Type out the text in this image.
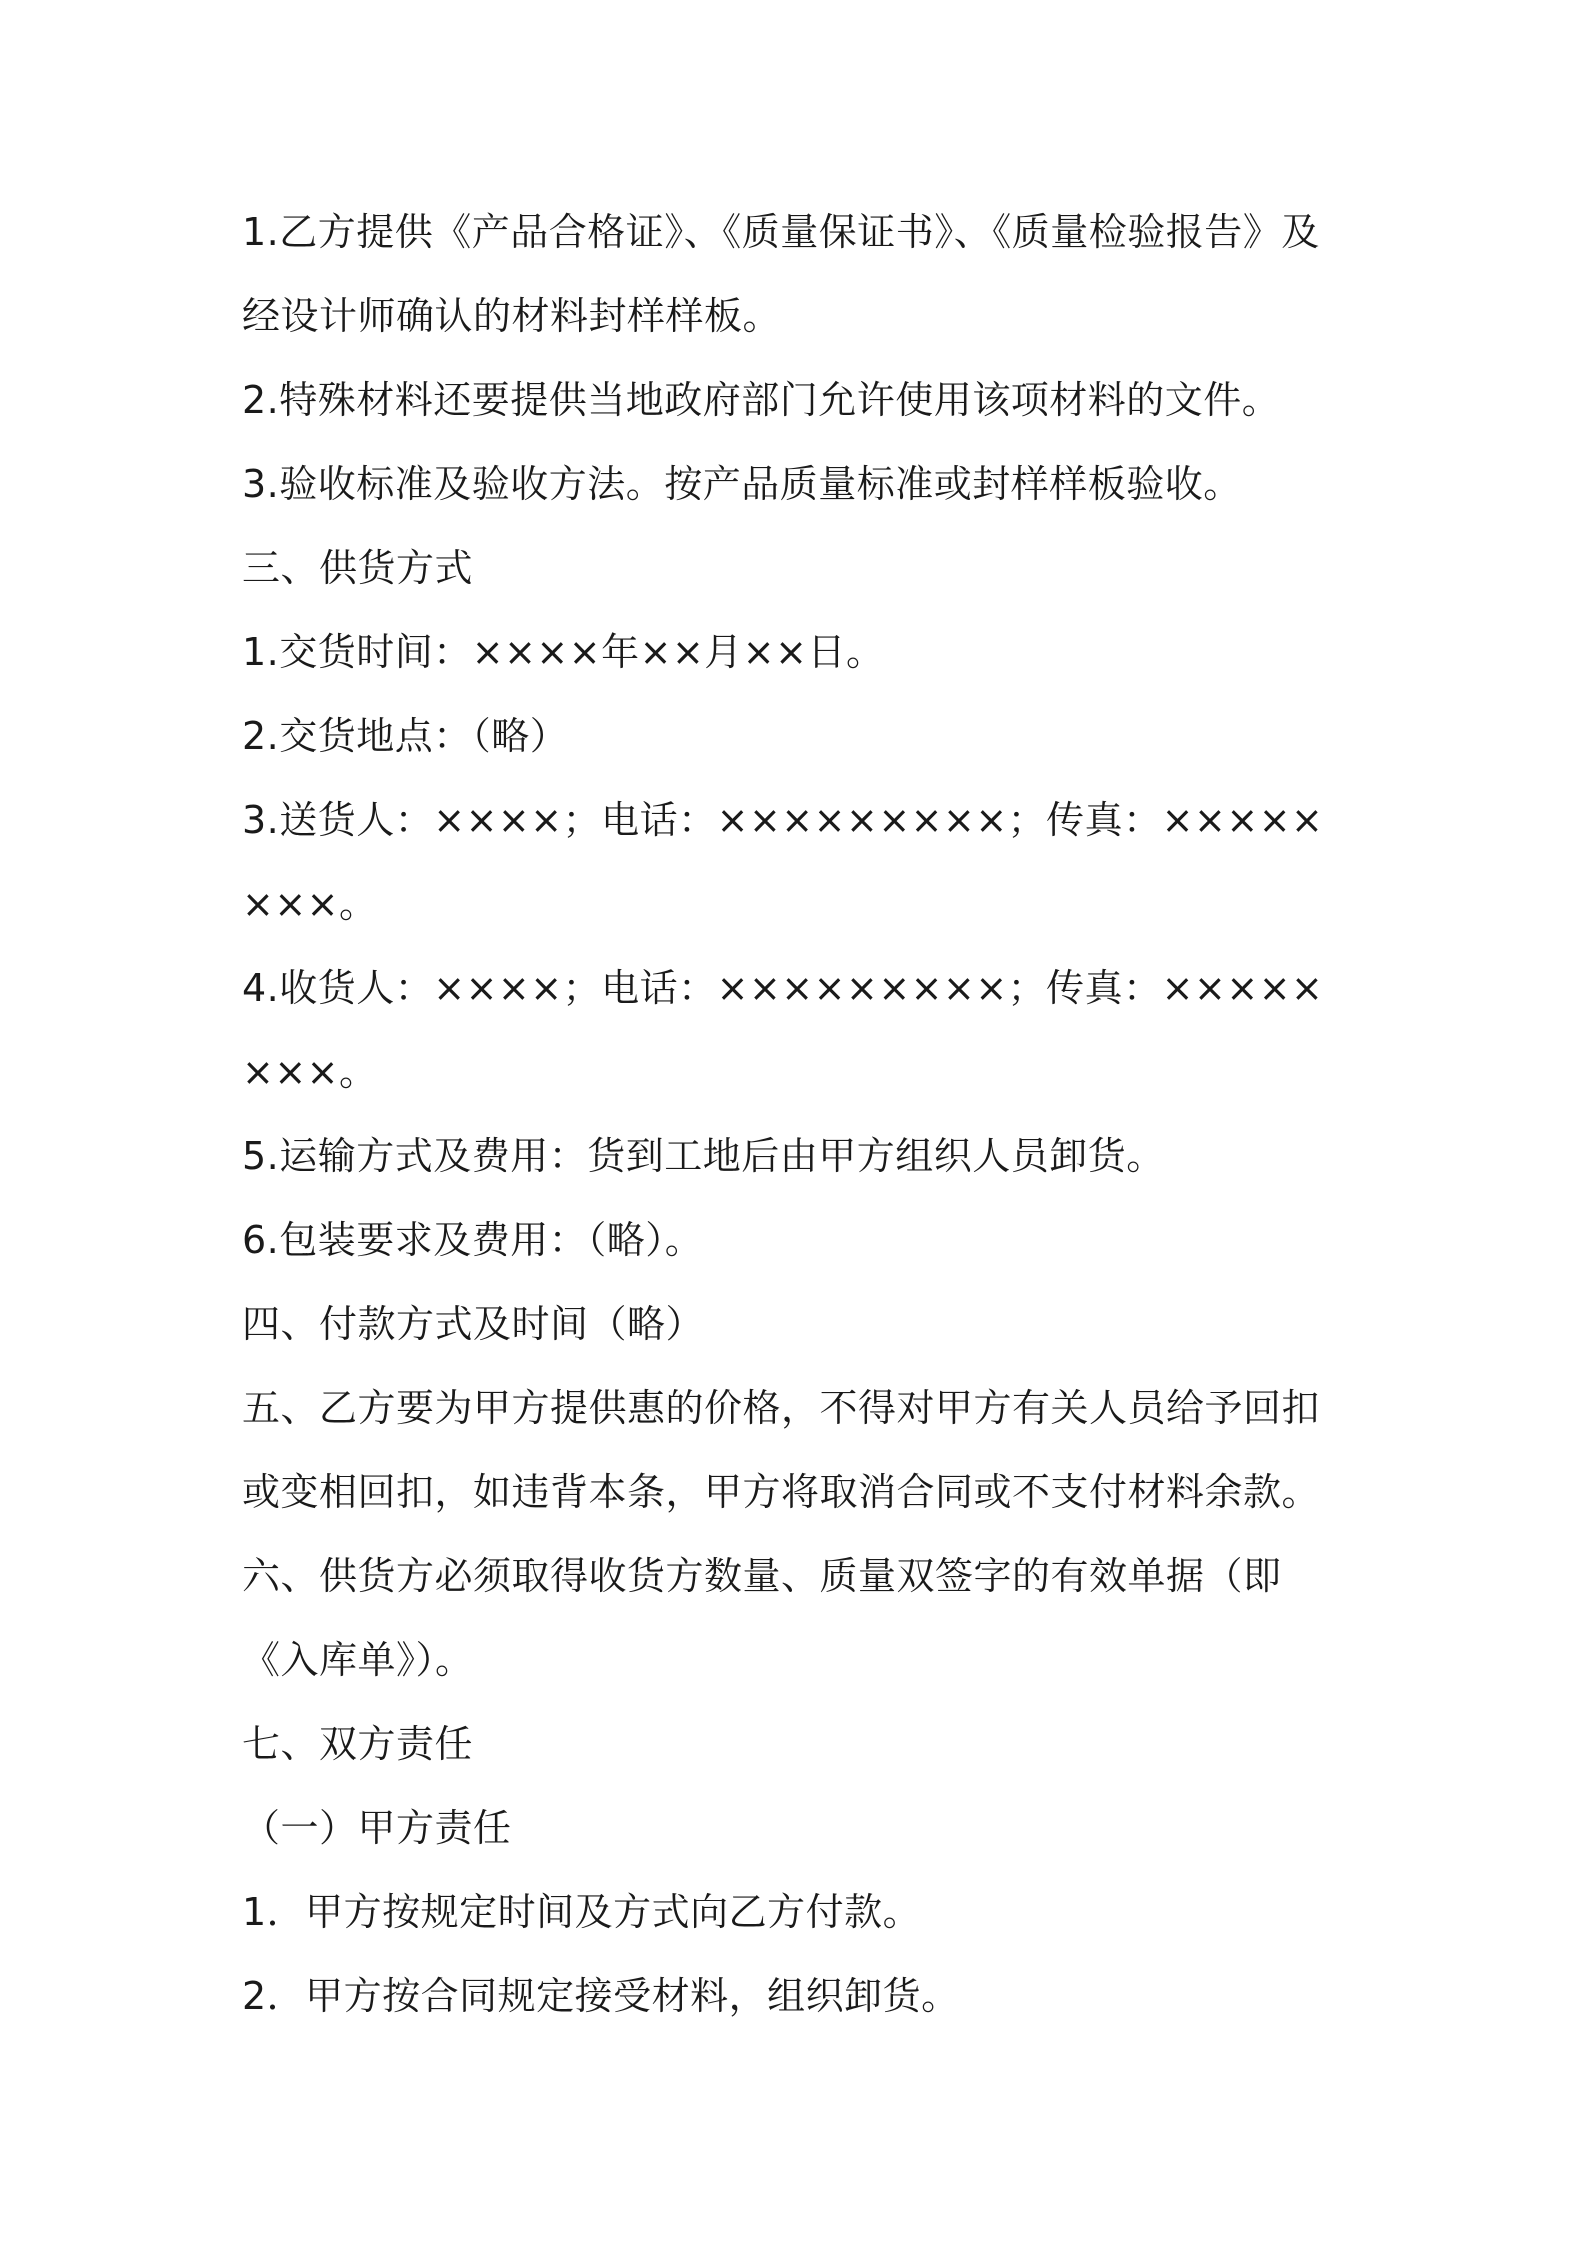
1.乙方提供《产品合格证》、《质量保证书》、《质量检验报告》及经设计师确认的材料封样样板。

2.特殊材料还要提供当地政府部门允许使用该项材料的文件。

3.验收标准及验收方法。按产品质量标准或封样样板验收。

三、供货方式

1.交货时间：××××年××月××日。

2.交货地点：（略）

3.送货人：××××；电话：×××××××××；传真：××××××××。

4.收货人：××××；电话：×××××××××；传真：××××××××。

5.运输方式及费用：货到工地后由甲方组织人员卸货。

6.包装要求及费用：（略）。

四、付款方式及时间（略）

五、乙方要为甲方提供惠的价格，不得对甲方有关人员给予回扣或变相回扣，如违背本条，甲方将取消合同或不支付材料余款。

六、供货方必须取得收货方数量、质量双签字的有效单据（即《入库单》）。

七、双方责任

（一）甲方责任

1．甲方按规定时间及方式向乙方付款。

2．甲方按合同规定接受材料，组织卸货。
